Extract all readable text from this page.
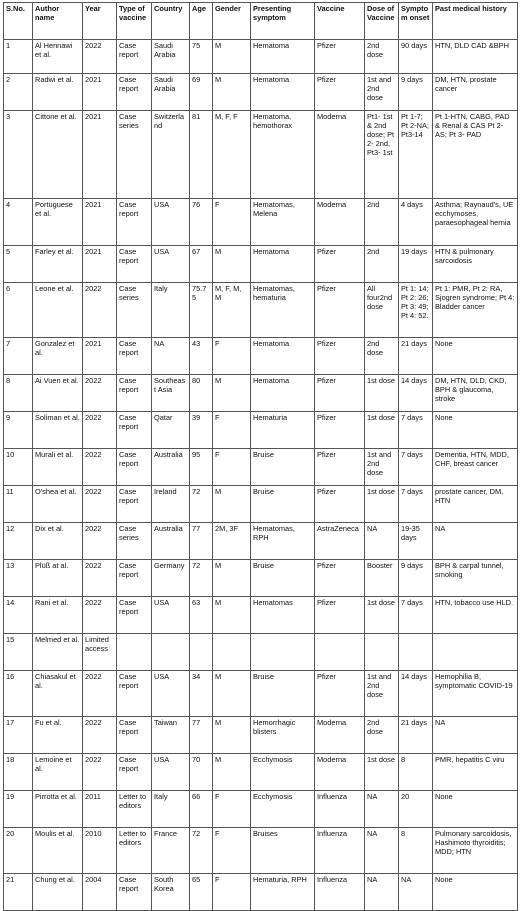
S.No.	Author name	Year	Type of vaccine	Country	Age	Gender	Presenting symptom	Vaccine	Dose of Vaccine	Symptom onset	Past medical history
1	Al Hennawi et al.	2022	Case report	Saudi Arabia	75	M	Hematoma	Pfizer	2nd dose	90 days	HTN, DLD CAD &BPH
2	Radwi et al.	2021	Case report	Saudi Arabia	69	M	Hematoma	Pfizer	1st and 2nd dose	9 days	DM, HTN, prostate cancer
3	Cittone et al.	2021	Case series	Switzerland	81	M, F, F	Hematoma, hemothorax	Moderna	Pt1- 1st & 2nd dose; Pt 2- 2nd, Pt3- 1st	Pt 1-7; Pt 2-NA; Pt3-14	Pt 1-HTN, CABG, PAD & Renal & CAS Pt 2-AS; Pt 3- PAD
4	Portuguese et al.	2021	Case report	USA	76	F	Hematomas, Melena	Moderna	2nd	4 days	Asthma; Raynaud's, UE ecchymoses, paraesophageal hernia
5	Farley et al.	2021	Case report	USA	67	M	Hematoma	Pfizer	2nd	19 days	HTN & pulmonary sarcoidosis
6	Leone et al.	2022	Case series	Italy	75.75	M, F, M, M	Hematomas, hematuria	Pfizer	All four2nd dose	Pt 1: 14; Pt 2: 26; Pt 3: 49; Pt 4: 52.	Pt 1: PMR, Pt 2: RA, Sjogren syndrome; Pt 4: Bladder cancer
7	Gonzalez et al.	2021	Case report	NA	43	F	Hematoma	Pfizer	2nd dose	21 days	None
8	Ai Vuen et al.	2022	Case report	Southeast Asia	80	M	Hematoma	Pfizer	1st dose	14 days	DM, HTN, DLD, CKD, BPH & glaucoma, stroke
9	Soliman et al.	2022	Case report	Qatar	39	F	Hematuria	Pfizer	1st dose	7 days	None
10	Murali et al.	2022	Case report	Australia	95	F	Bruise	Pfizer	1st and 2nd dose	7 days	Dementia, HTN, MDD, CHF, breast cancer
11	O'shea et al.	2022	Case report	Ireland	72	M	Bruise	Pfizer	1st dose	7 days	prostate cancer, DM, HTN
12	Dix et al.	2022	Case series	Australia	77	2M, 3F	Hematomas, RPH	AstraZeneca	NA	19-35 days	NA
13	Plüß at al.	2022	Case report	Germany	72	M	Bruise	Pfizer	Booster	9 days	BPH & carpal tunnel, smoking
14	Rani et al.	2022	Case report	USA	63	M	Hematomas	Pfizer	1st dose	7 days	HTN, tobacco use HLD.
15	Melmed et al.	Limited access									
16	Chiasakul et al.	2022	Case report	USA	34	M	Bruise	Pfizer	1st and 2nd dose	14 days	Hemophilia B, symptomatic COVID-19
17	Fu et al.	2022	Case report	Taiwan	77	M	Hemorrhagic blisters	Moderna	2nd dose	21 days	NA
18	Lemoine et al.	2022	Case report	USA	70	M	Ecchymosis	Moderna	1st dose	8	PMR, hepatitis C viru
19	Pirrotta et al.	2011	Letter to editors	Italy	66	F	Ecchymosis	Influenza	NA	20	None
20	Moulis et al.	2010	Letter to editors	France	72	F	Bruises	Influenza	NA	8	Pulmonary sarcoidosis, Hashimoto thyroiditis; MDD; HTN
21	Chung et al.	2004	Case report	South Korea	65	F	Hematuria, RPH	Influenza	NA	NA	None
